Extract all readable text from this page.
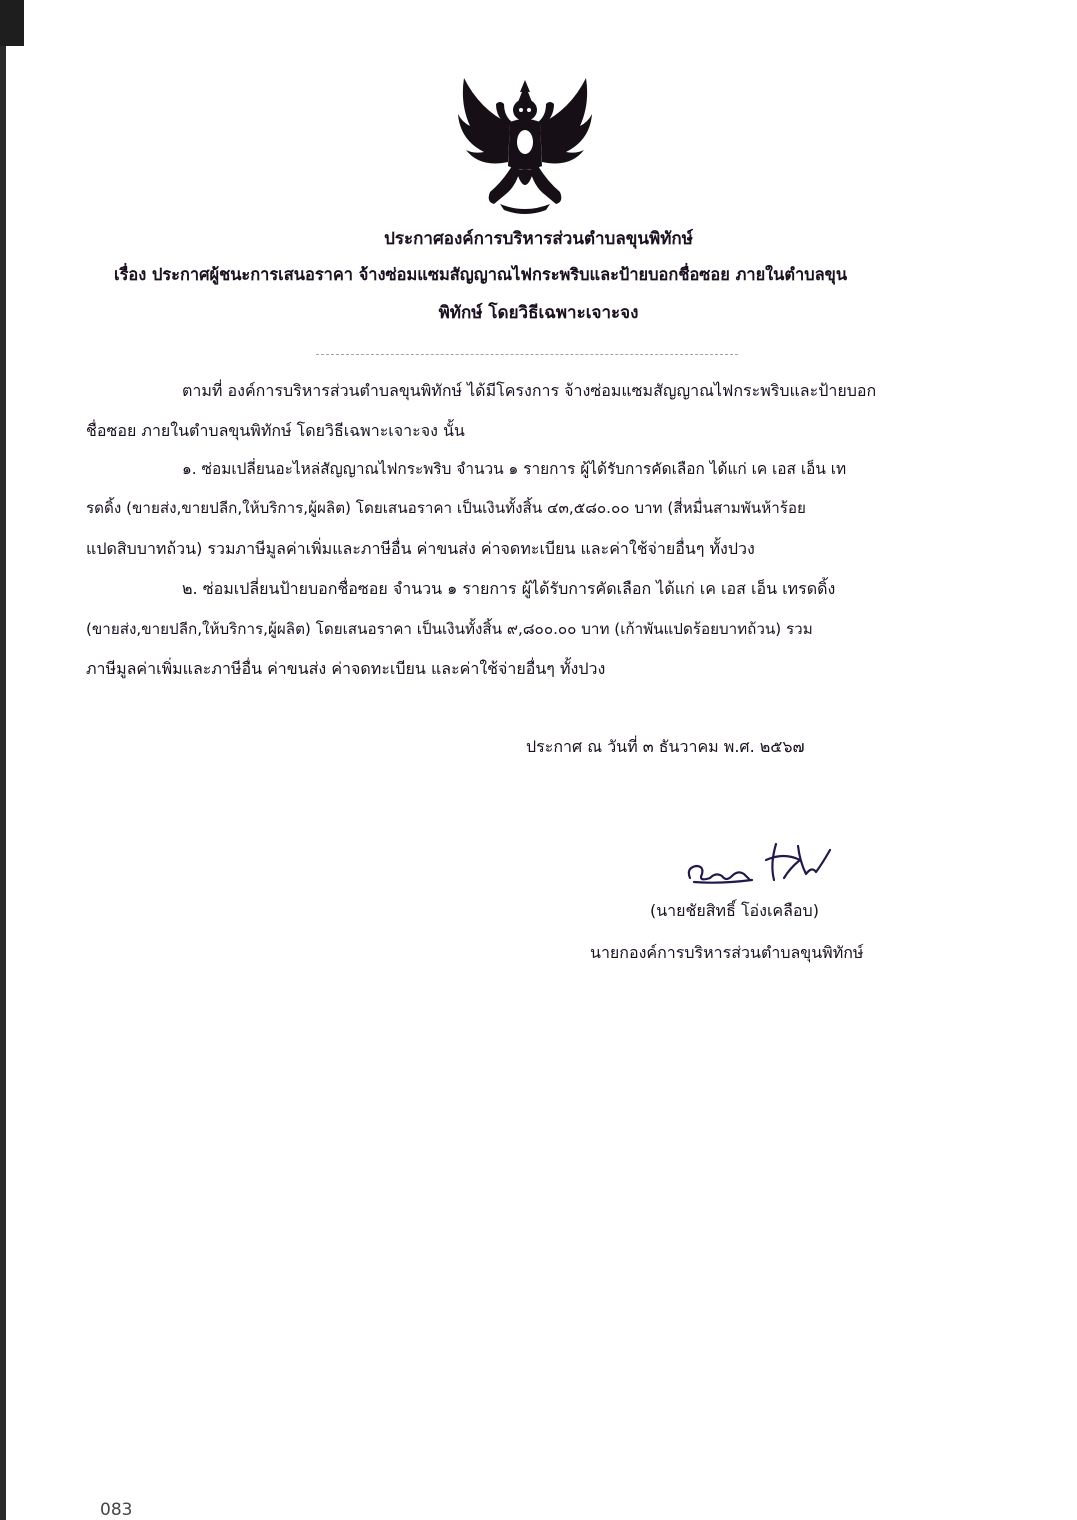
ประกาศองค์การบริหารส่วนตำบลขุนพิทักษ์
เรื่อง ประกาศผู้ชนะการเสนอราคา จ้างซ่อมแซมสัญญาณไฟกระพริบและป้ายบอกชื่อซอย ภายในตำบลขุน
พิทักษ์ โดยวิธีเฉพาะเจาะจง
ตามที่ องค์การบริหารส่วนตำบลขุนพิทักษ์ ได้มีโครงการ จ้างซ่อมแซมสัญญาณไฟกระพริบและป้ายบอก
ชื่อซอย ภายในตำบลขุนพิทักษ์ โดยวิธีเฉพาะเจาะจง นั้น
๑. ซ่อมเปลี่ยนอะไหล่สัญญาณไฟกระพริบ จำนวน ๑ รายการ ผู้ได้รับการคัดเลือก ได้แก่ เค เอส เอ็น เท
รดดิ้ง (ขายส่ง,ขายปลีก,ให้บริการ,ผู้ผลิต) โดยเสนอราคา เป็นเงินทั้งสิ้น ๔๓,๕๘๐.๐๐ บาท (สี่หมื่นสามพันห้าร้อย
แปดสิบบาทถ้วน) รวมภาษีมูลค่าเพิ่มและภาษีอื่น ค่าขนส่ง ค่าจดทะเบียน และค่าใช้จ่ายอื่นๆ ทั้งปวง
๒. ซ่อมเปลี่ยนป้ายบอกชื่อซอย จำนวน ๑ รายการ ผู้ได้รับการคัดเลือก ได้แก่ เค เอส เอ็น เทรดดิ้ง
(ขายส่ง,ขายปลีก,ให้บริการ,ผู้ผลิต) โดยเสนอราคา เป็นเงินทั้งสิ้น ๙,๘๐๐.๐๐ บาท (เก้าพันแปดร้อยบาทถ้วน) รวม
ภาษีมูลค่าเพิ่มและภาษีอื่น ค่าขนส่ง ค่าจดทะเบียน และค่าใช้จ่ายอื่นๆ ทั้งปวง
ประกาศ ณ วันที่ ๓ ธันวาคม พ.ศ. ๒๕๖๗
(นายชัยสิทธิ์ โอ่งเคลือบ)
นายกองค์การบริหารส่วนตำบลขุนพิทักษ์
083
